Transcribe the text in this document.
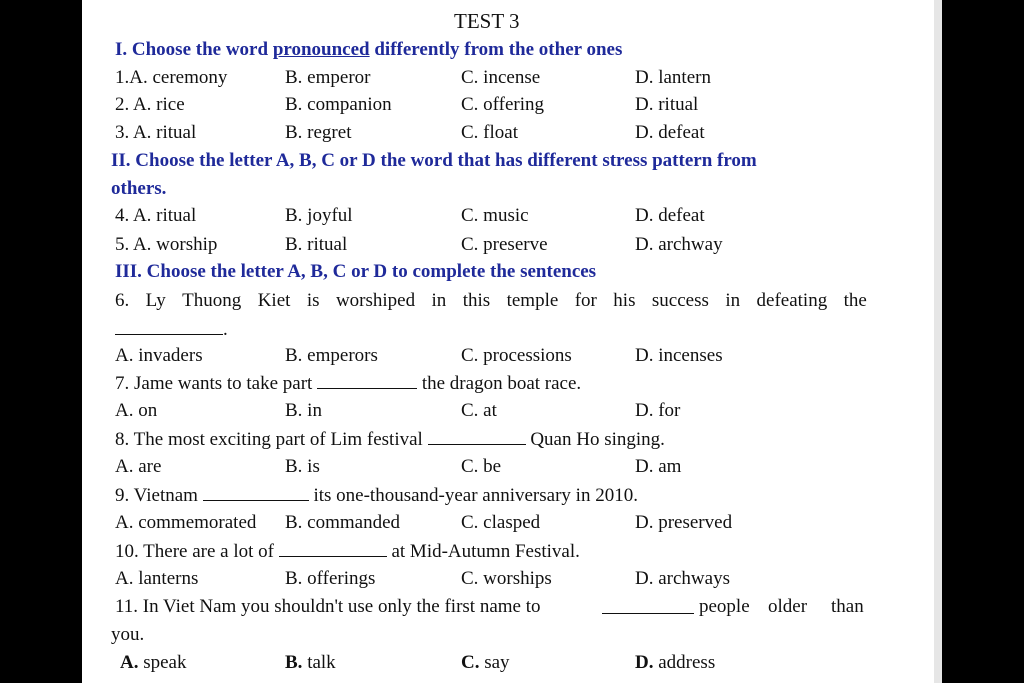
TEST 3
I. Choose the word pronounced differently from the other ones
1.A. ceremony	B. emperor	C. incense	D. lantern
2. A. rice	B. companion	C. offering	D. ritual
3. A. ritual	B. regret	C. float	D. defeat
II. Choose the letter A, B, C or D the word that has different stress pattern from
others.
4. A. ritual	B. joyful	C. music	D. defeat
5. A. worship	B. ritual	C. preserve	D. archway
III. Choose the letter A, B, C or D to complete the sentences
6. Ly Thuong Kiet is worshiped in this temple for his success in defeating the
.
A. invaders	B. emperors	C. processions	D. incenses
7. Jame wants to take part	the dragon boat race.
A. on	B. in	C. at	D. for
8. The most exciting part of Lim festival	Quan Ho singing.
A. are	B. is	C. be	D. am
9. Vietnam	its one-thousand-year anniversary in 2010.
A. commemorated B. commanded	C. clasped	D. preserved
10. There are a lot of	at Mid-Autumn Festival.
A. lanterns	B. offerings	C. worships	D. archways
11. In Viet Nam you shouldn't use only the first name to	people older than
you.
A. speak	B. talk	C. say	D. address
